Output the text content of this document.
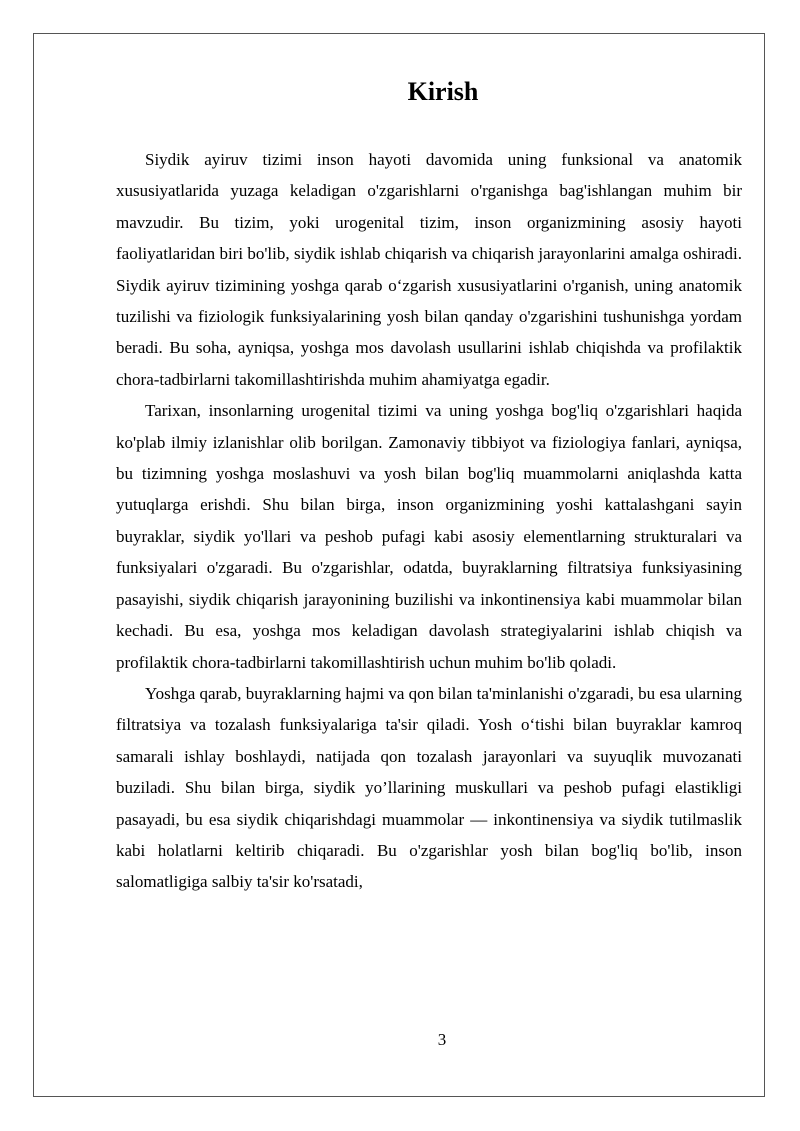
Kirish

Siydik ayiruv tizimi inson hayoti davomida uning funksional va anatomik xususiyatlarida yuzaga keladigan o'zgarishlarni o'rganishga bag'ishlangan muhim bir mavzudir. Bu tizim, yoki urogenital tizim, inson organizmining asosiy hayoti faoliyatlaridan biri bo'lib, siydik ishlab chiqarish va chiqarish jarayonlarini amalga oshiradi. Siydik ayiruv tizimining yoshga qarab o‘zgarish xususiyatlarini o'rganish, uning anatomik tuzilishi va fiziologik funksiyalarining yosh bilan qanday o'zgarishini tushunishga yordam beradi. Bu soha, ayniqsa, yoshga mos davolash usullarini ishlab chiqishda va profilaktik chora-tadbirlarni takomillashtirishda muhim ahamiyatga egadir.

Tarixan, insonlarning urogenital tizimi va uning yoshga bog'liq o'zgarishlari haqida ko'plab ilmiy izlanishlar olib borilgan. Zamonaviy tibbiyot va fiziologiya fanlari, ayniqsa, bu tizimning yoshga moslashuvi va yosh bilan bog'liq muammolarni aniqlashda katta yutuqlarga erishdi. Shu bilan birga, inson organizmining yoshi kattalashgani sayin buyraklar, siydik yo'llari va peshob pufagi kabi asosiy elementlarning strukturalari va funksiyalari o'zgaradi. Bu o'zgarishlar, odatda, buyraklarning filtratsiya funksiyasining pasayishi, siydik chiqarish jarayonining buzilishi va inkontinensiya kabi muammolar bilan kechadi. Bu esa, yoshga mos keladigan davolash strategiyalarini ishlab chiqish va profilaktik chora-tadbirlarni takomillashtirish uchun muhim bo'lib qoladi.

Yoshga qarab, buyraklarning hajmi va qon bilan ta'minlanishi o'zgaradi, bu esa ularning filtratsiya va tozalash funksiyalariga ta'sir qiladi. Yosh o‘tishi bilan buyraklar kamroq samarali ishlay boshlaydi, natijada qon tozalash jarayonlari va suyuqlik muvozanati buziladi. Shu bilan birga, siydik yo’llarining muskullari va peshob pufagi elastikligi pasayadi, bu esa siydik chiqarishdagi muammolar — inkontinensiya va siydik tutilmaslik kabi holatlarni keltirib chiqaradi. Bu o'zgarishlar yosh bilan bog'liq bo'lib, inson salomatligiga salbiy ta'sir ko'rsatadi,

3
